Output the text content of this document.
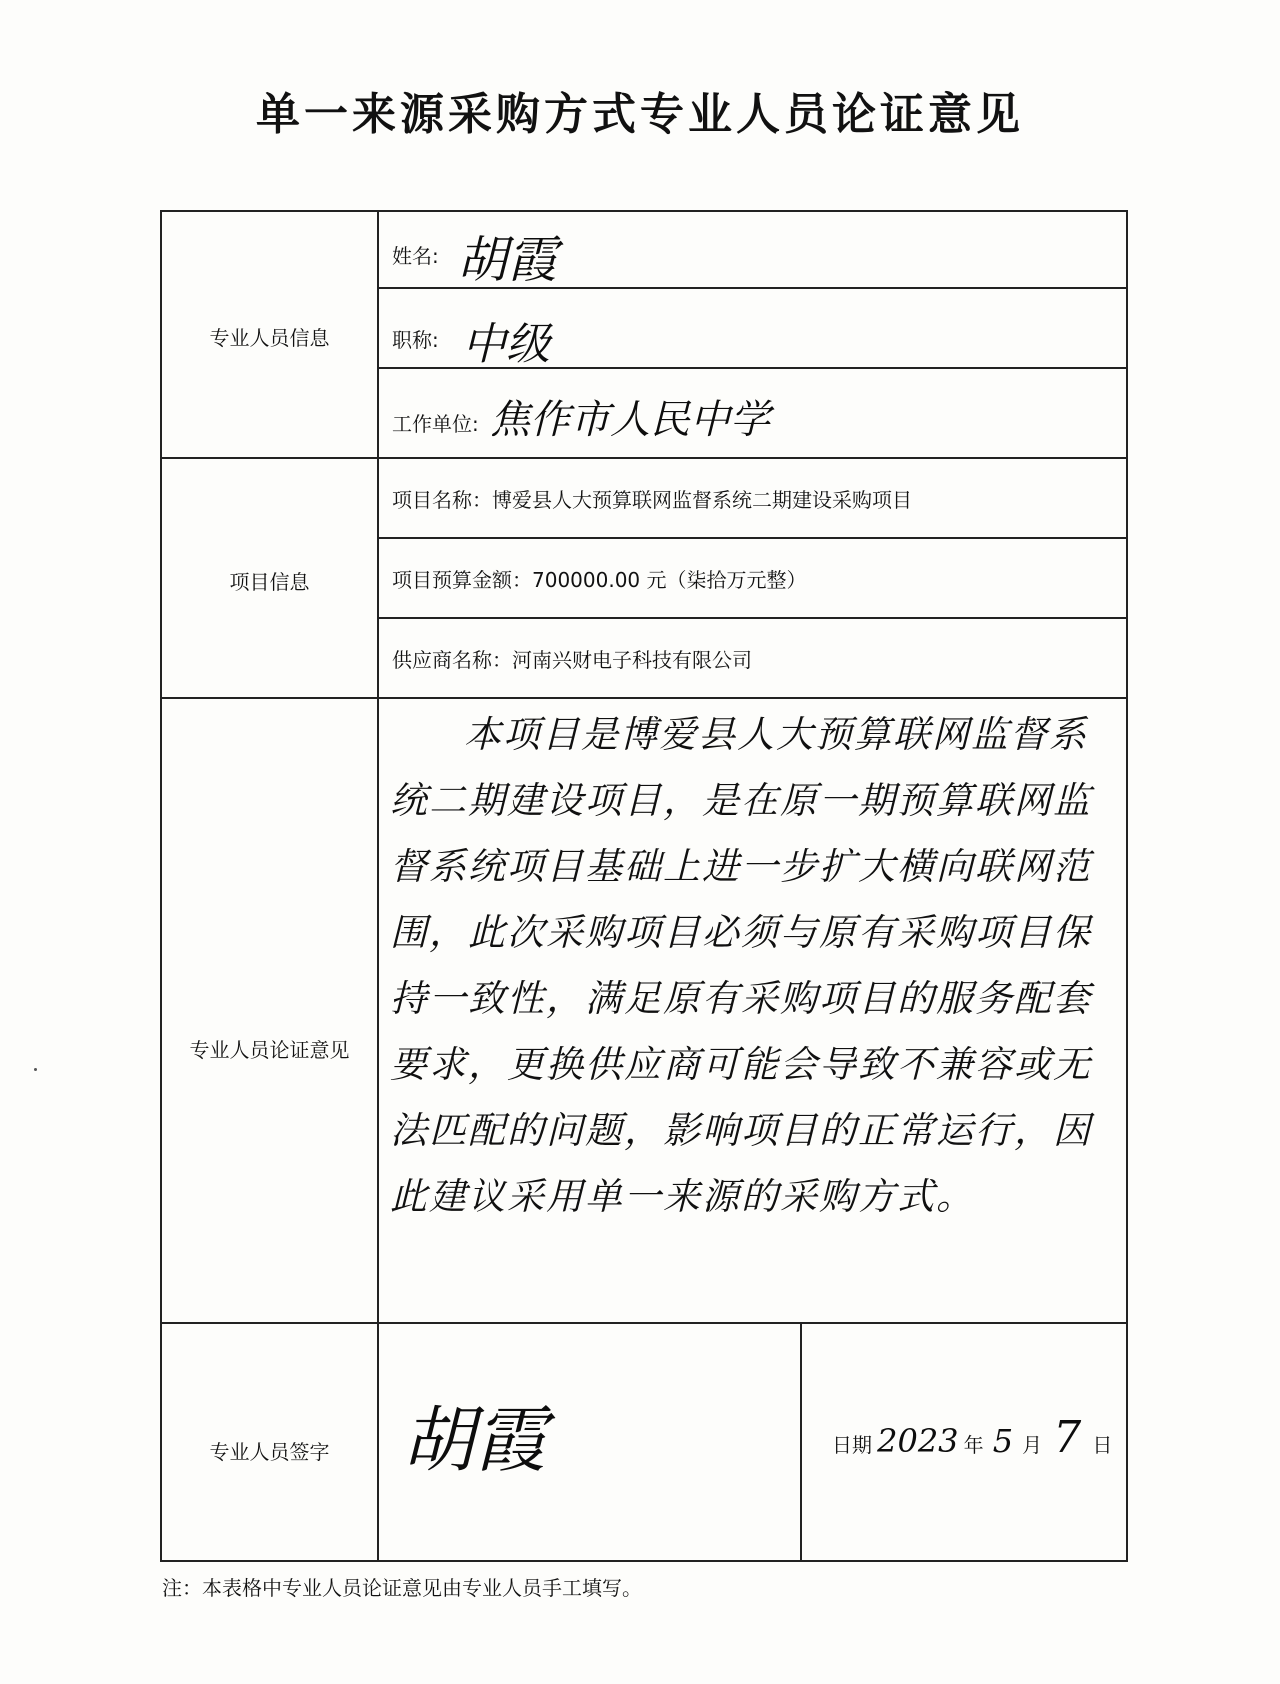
单一来源采购方式专业人员论证意见
专业人员信息
姓名: 胡霞
职称: 中级
工作单位: 焦作市人民中学
项目信息
项目名称：博爱县人大预算联网监督系统二期建设采购项目
项目预算金额：700000.00 元（柒拾万元整）
供应商名称：河南兴财电子科技有限公司
专业人员论证意见
本项目是博爱县人大预算联网监督系统二期建设项目，是在原一期预算联网监督系统项目基础上进一步扩大横向联网范围，此次采购项目必须与原有采购项目保持一致性，满足原有采购项目的服务配套要求，更换供应商可能会导致不兼容或无法匹配的问题，影响项目的正常运行，因此建议采用单一来源的采购方式。
专业人员签字	胡霞	日期 2023 年 5 月 7 日
注：本表格中专业人员论证意见由专业人员手工填写。
